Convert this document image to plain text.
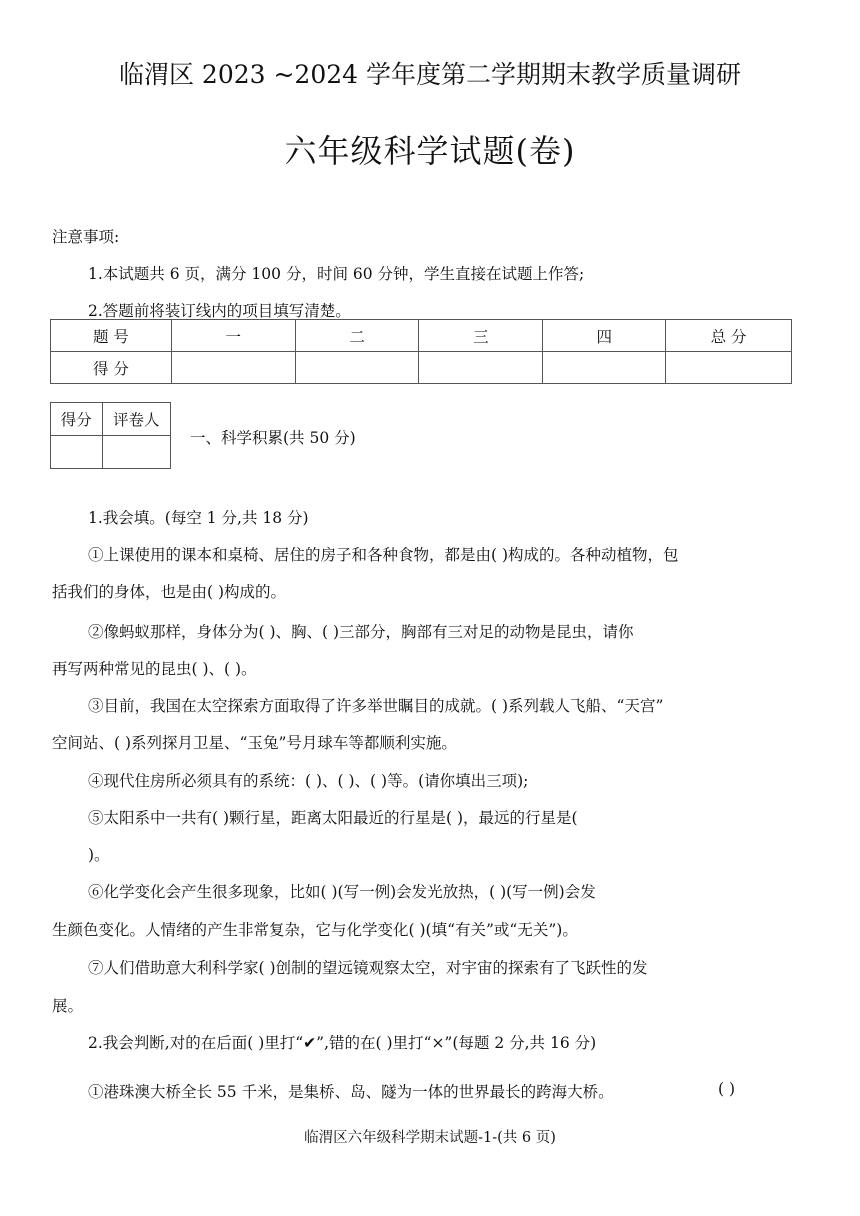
临渭区 2023 ~2024 学年度第二学期期末教学质量调研
六年级科学试题(卷)
注意事项:
1.本试题共 6 页，满分 100 分，时间 60 分钟，学生直接在试题上作答;
2.答题前将装订线内的项目填写清楚。
题 号	一	二	三	四	总 分
得 分					
得分	评卷人

一、科学积累(共 50 分)
1.我会填。(每空 1 分,共 18 分)
①上课使用的课本和桌椅、居住的房子和各种食物，都是由( )构成的。各种动植物，包
括我们的身体，也是由( )构成的。
②像蚂蚁那样，身体分为( )、胸、( )三部分，胸部有三对足的动物是昆虫，请你
再写两种常见的昆虫( )、( )。
③目前，我国在太空探索方面取得了许多举世瞩目的成就。( )系列载人飞船、“天宫”
空间站、( )系列探月卫星、“玉兔”号月球车等都顺利实施。
④现代住房所必须具有的系统：( )、( )、( )等。(请你填出三项);
⑤太阳系中一共有( )颗行星，距离太阳最近的行星是( )，最远的行星是(
)。
⑥化学变化会产生很多现象，比如( )(写一例)会发光放热，( )(写一例)会发
生颜色变化。人情绪的产生非常复杂，它与化学变化( )(填“有关”或“无关”)。
⑦人们借助意大利科学家( )创制的望远镜观察太空，对宇宙的探索有了飞跃性的发
展。
2.我会判断,对的在后面( )里打“✔”,错的在( )里打“×”(每题 2 分,共 16 分)
①港珠澳大桥全长 55 千米，是集桥、岛、隧为一体的世界最长的跨海大桥。	( )
临渭区六年级科学期末试题-1-(共 6 页)
